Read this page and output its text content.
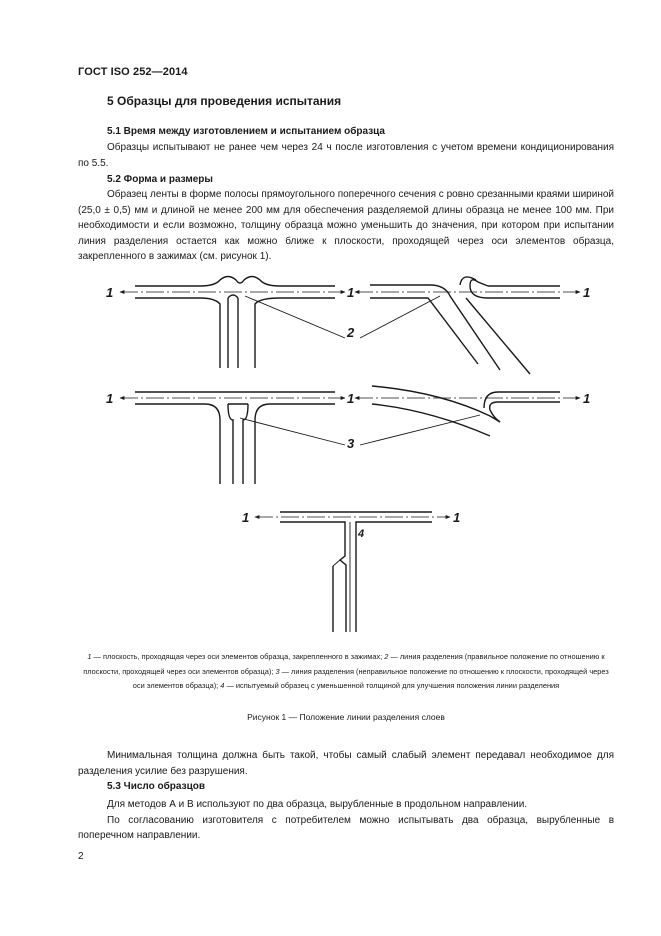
ГОСТ ISO 252—2014
5 Образцы для проведения испытания
5.1 Время между изготовлением и испытанием образца

Образцы испытывают не ранее чем через 24 ч после изготовления с учетом времени кондиционирования по 5.5.

5.2 Форма и размеры

Образец ленты в форме полосы прямоугольного поперечного сечения с ровно срезанными краями шириной (25,0 ± 0,5) мм и длиной не менее 200 мм для обеспечения разделяемой длины образца не менее 100 мм. При необходимости и если возможно, толщину образца можно уменьшить до значения, при котором при испытании линия разделения остается как можно ближе к плоскости, проходящей через оси элементов образца, закрепленного в зажимах (см. рисунок 1).

1	1	1
2
1	1	1
3
1	1
4
1 — плоскость, проходящая через оси элементов образца, закрепленного в зажимах; 2 — линия разделения (правильное положение по отношению к плоскости, проходящей через оси элементов образца); 3 — линия разделения (неправильное положение по отношению к плоскости, проходящей через оси элементов образца); 4 — испытуемый образец с уменьшенной толщиной для улучшения положения линии разделения
Рисунок 1 — Положение линии разделения слоев

Минимальная толщина должна быть такой, чтобы самый слабый элемент передавал необходимое для разделения усилие без разрушения.

5.3 Число образцов

Для методов А и В используют по два образца, вырубленные в продольном направлении.

По согласованию изготовителя с потребителем можно испытывать два образца, вырубленные в поперечном направлении.

2
